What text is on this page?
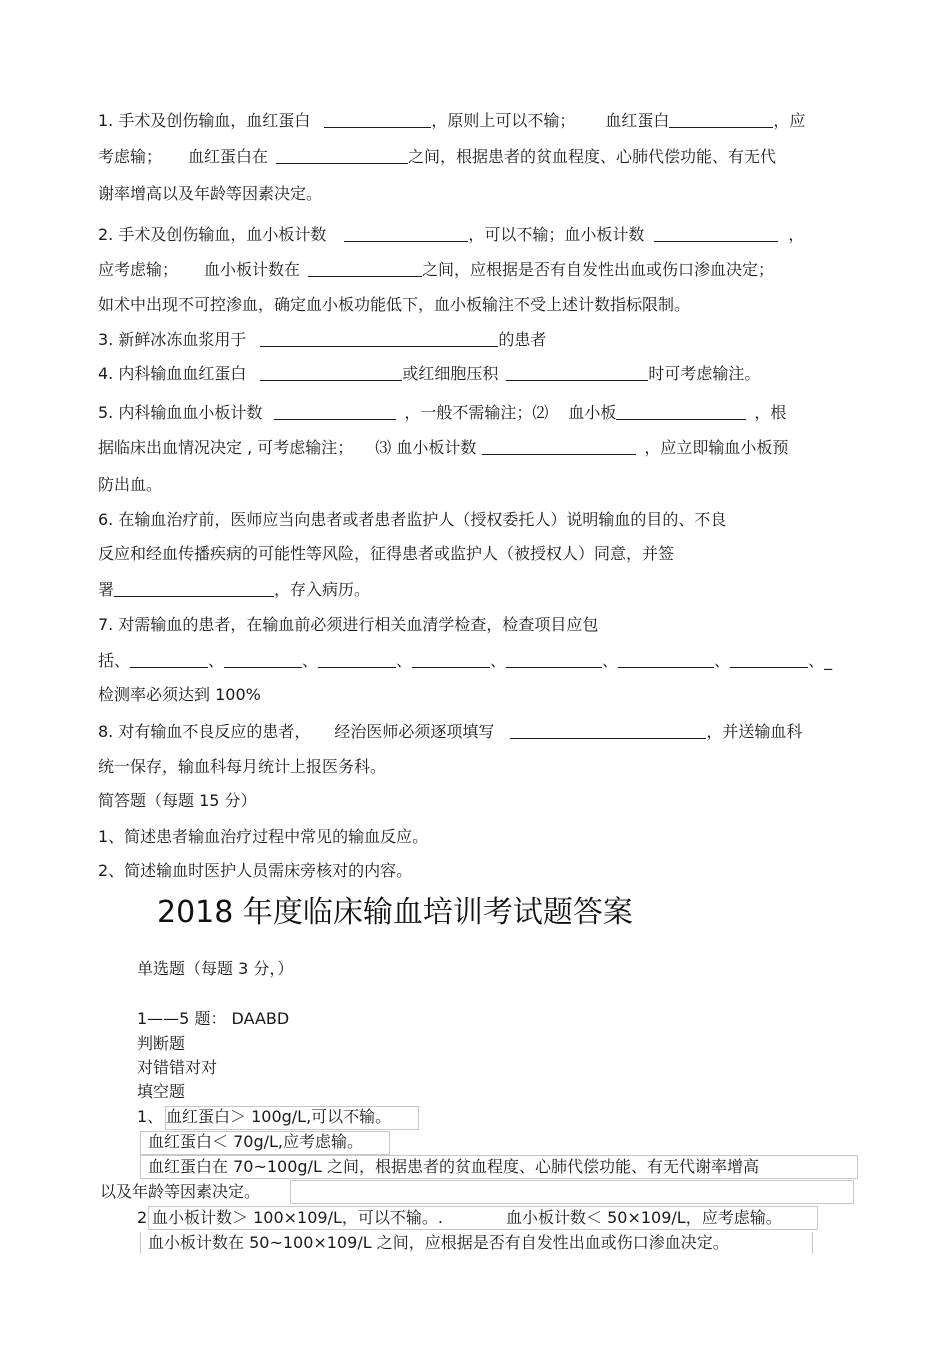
1. 手术及创伤输血，血红蛋白	，原则上可以不输； 血红蛋白	，应
考虑输； 血红蛋白在	之间，根据患者的贫血程度、心肺代偿功能、有无代
谢率增高以及年龄等因素决定。
2. 手术及创伤输血，血小板计数	，可以不输；血小板计数	，
应考虑输； 血小板计数在	之间，应根据是否有自发性出血或伤口渗血决定；
如术中出现不可控渗血，确定血小板功能低下，血小板输注不受上述计数指标限制。
3. 新鲜冰冻血浆用于	的患者
4. 内科输血血红蛋白	或红细胞压积	时可考虑输注。
5. 内科输血血小板计数	，一般不需输注；⑵ 血小板	，根
据临床出血情况决定 , 可考虑输注； ⑶ 血小板计数	，应立即输血小板预
防出血。
6. 在输血治疗前，医师应当向患者或者患者监护人（授权委托人）说明输血的目的、不良
反应和经血传播疾病的可能性等风险，征得患者或监护人（被授权人）同意，并签
署	，存入病历。
7. 对需输血的患者，在输血前必须进行相关血清学检查，检查项目应包
括、	、	、	、	、	、	、	、_
检测率必须达到 100%
8. 对有输血不良反应的患者， 经治医师必须逐项填写	，并送输血科
统一保存，输血科每月统计上报医务科。
简答题（每题 15 分）
1、简述患者输血治疗过程中常见的输血反应。
2、简述输血时医护人员需床旁核对的内容。
2018 年度临床输血培训考试题答案
单选题（每题 3 分，）
1——5 题： DAABD
判断题
对错错对对
填空题
1、 血红蛋白＞ 100g/L,可以不输。
血红蛋白＜ 70g/L,应考虑输。
血红蛋白在 70~100g/L 之间，根据患者的贫血程度、心肺代偿功能、有无代谢率增高
以及年龄等因素决定。
2 血小板计数＞ 100×109/L，可以不输。.	血小板计数＜ 50×109/L，应考虑输。
血小板计数在 50~100×109/L 之间，应根据是否有自发性出血或伤口渗血决定。
